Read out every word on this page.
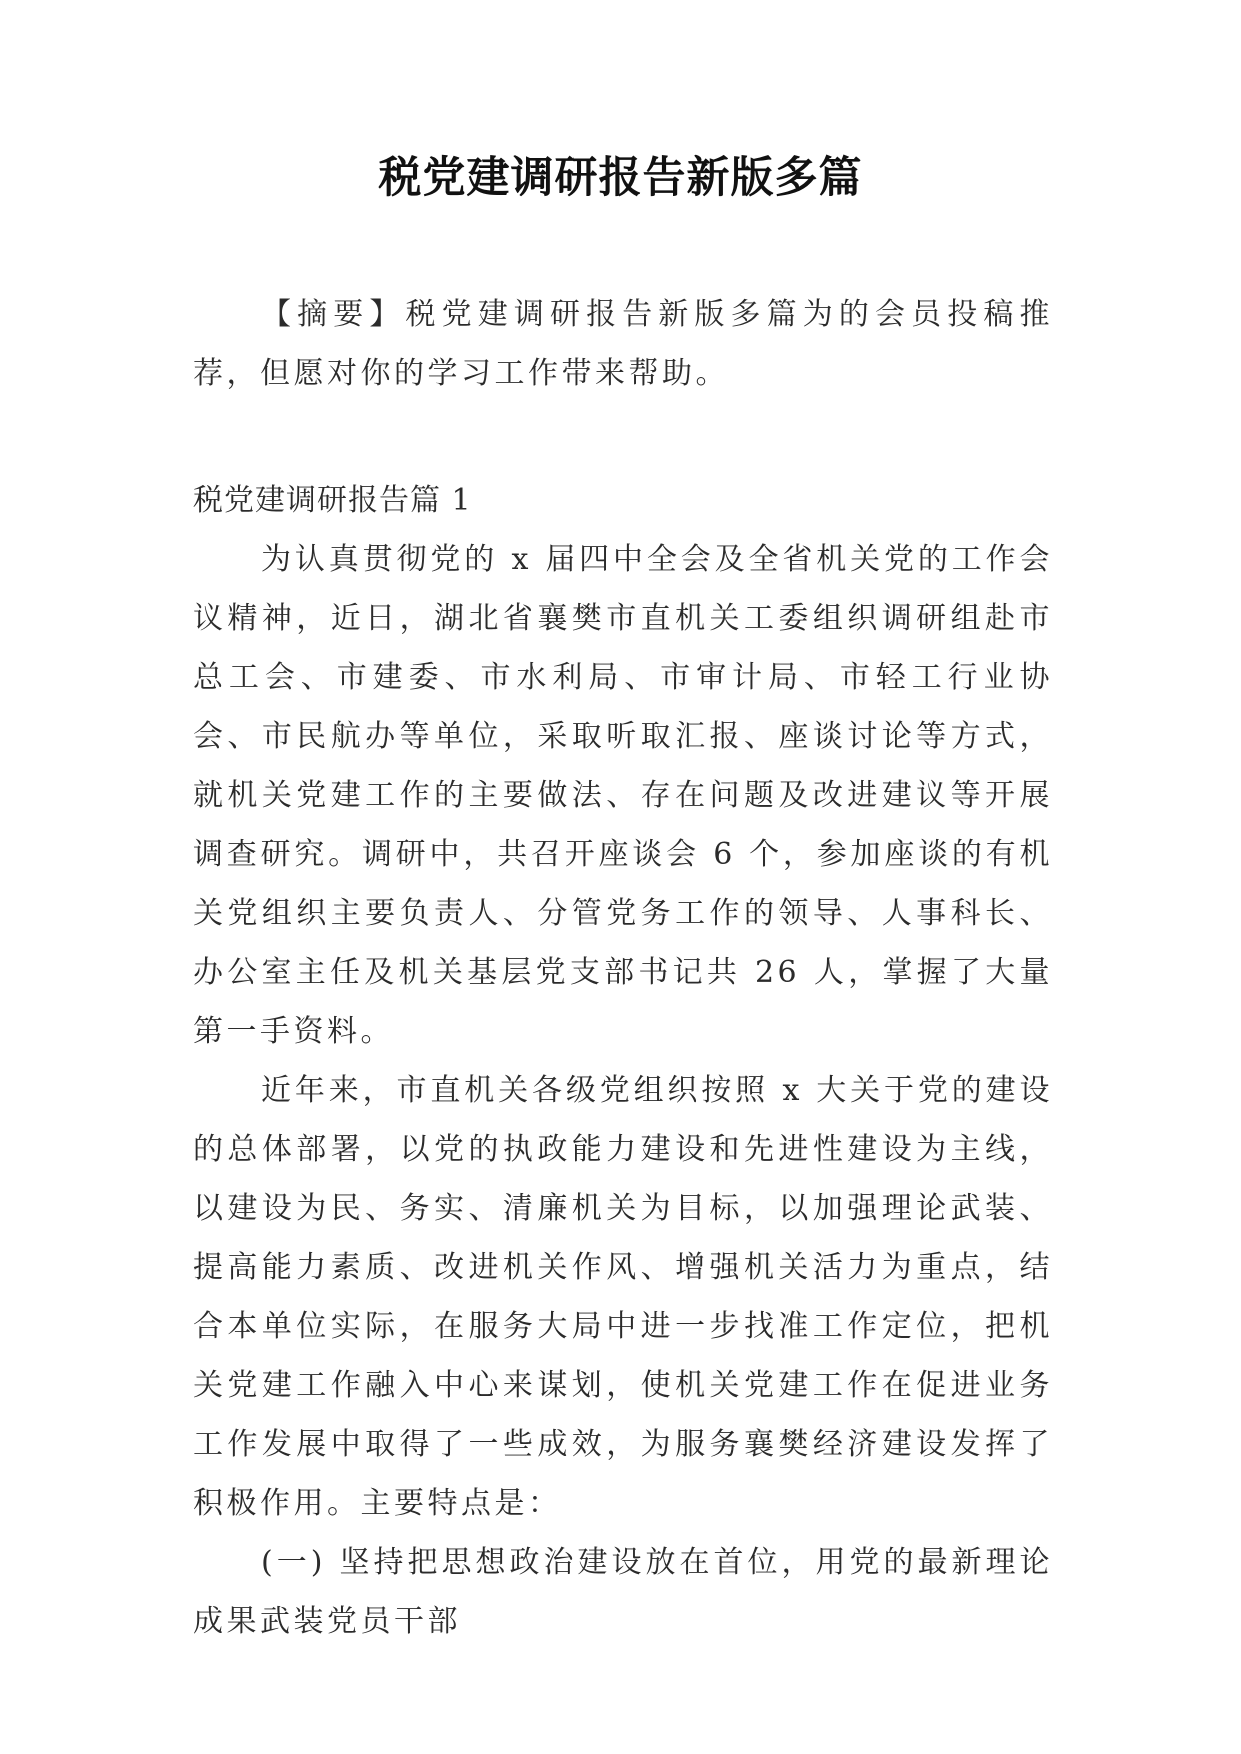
税党建调研报告新版多篇

【摘要】税党建调研报告新版多篇为的会员投稿推荐，但愿对你的学习工作带来帮助。

税党建调研报告篇 1

为认真贯彻党的 x 届四中全会及全省机关党的工作会议精神，近日，湖北省襄樊市直机关工委组织调研组赴市总工会、市建委、市水利局、市审计局、市轻工行业协会、市民航办等单位，采取听取汇报、座谈讨论等方式，就机关党建工作的主要做法、存在问题及改进建议等开展调查研究。调研中，共召开座谈会 6 个，参加座谈的有机关党组织主要负责人、分管党务工作的领导、人事科长、办公室主任及机关基层党支部书记共 26 人，掌握了大量第一手资料。

近年来，市直机关各级党组织按照 x 大关于党的建设的总体部署，以党的执政能力建设和先进性建设为主线，以建设为民、务实、清廉机关为目标，以加强理论武装、提高能力素质、改进机关作风、增强机关活力为重点，结合本单位实际，在服务大局中进一步找准工作定位，把机关党建工作融入中心来谋划，使机关党建工作在促进业务工作发展中取得了一些成效，为服务襄樊经济建设发挥了积极作用。主要特点是：

(一) 坚持把思想政治建设放在首位，用党的最新理论成果武装党员干部
